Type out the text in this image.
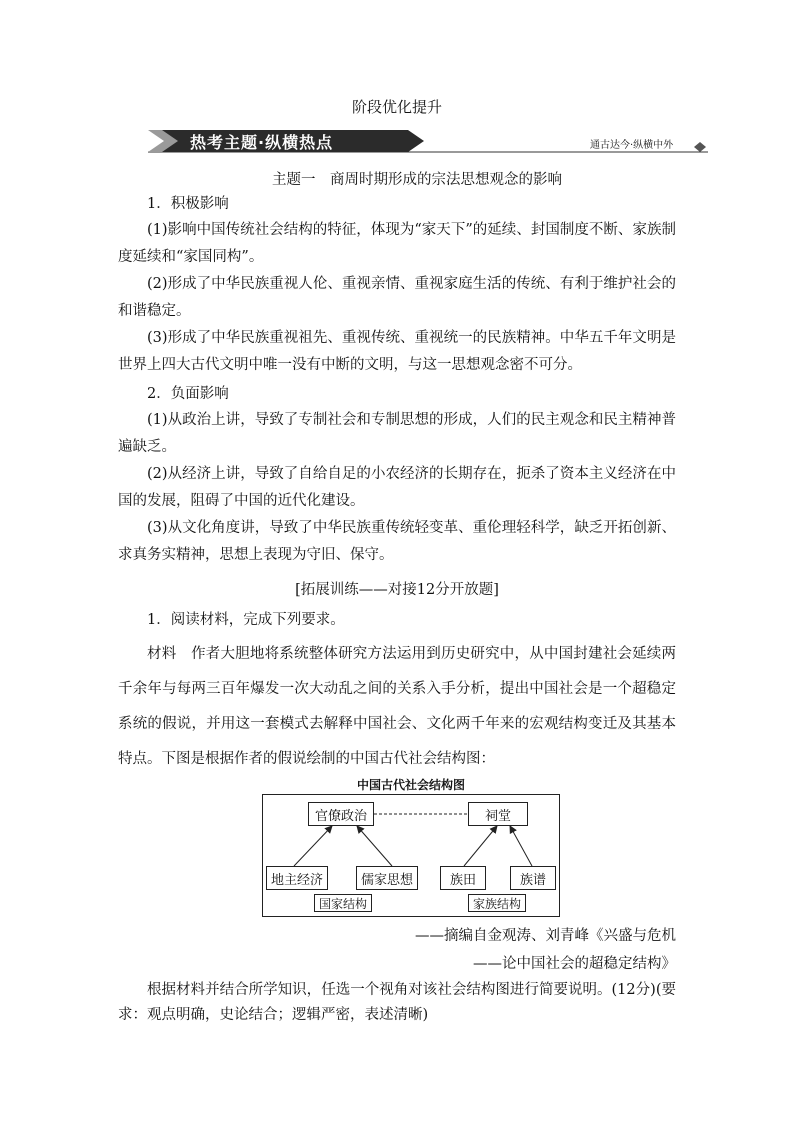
阶段优化提升
热考主题·纵横热点	通古达今·纵横中外
主题一　商周时期形成的宗法思想观念的影响
1．积极影响

(1)影响中国传统社会结构的特征，体现为“家天下”的延续、封国制度不断、家族制度延续和“家国同构”。

(2)形成了中华民族重视人伦、重视亲情、重视家庭生活的传统、有利于维护社会的和谐稳定。

(3)形成了中华民族重视祖先、重视传统、重视统一的民族精神。中华五千年文明是世界上四大古代文明中唯一没有中断的文明，与这一思想观念密不可分。

2．负面影响

(1)从政治上讲，导致了专制社会和专制思想的形成，人们的民主观念和民主精神普遍缺乏。

(2)从经济上讲，导致了自给自足的小农经济的长期存在，扼杀了资本主义经济在中国的发展，阻碍了中国的近代化建设。

(3)从文化角度讲，导致了中华民族重传统轻变革、重伦理轻科学，缺乏开拓创新、求真务实精神，思想上表现为守旧、保守。

[拓展训练——对接12分开放题]
1．阅读材料，完成下列要求。

材料　作者大胆地将系统整体研究方法运用到历史研究中，从中国封建社会延续两千余年与每两三百年爆发一次大动乱之间的关系入手分析，提出中国社会是一个超稳定系统的假说，并用这一套模式去解释中国社会、文化两千年来的宏观结构变迁及其基本特点。下图是根据作者的假说绘制的中国古代社会结构图：

中国古代社会结构图
官僚政治	祠堂
地主经济	儒家思想	族田	族谱
国家结构	家族结构
——摘编自金观涛、刘青峰《兴盛与危机
——论中国社会的超稳定结构》

根据材料并结合所学知识，任选一个视角对该社会结构图进行简要说明。(12分)(要求：观点明确，史论结合；逻辑严密，表述清晰)
